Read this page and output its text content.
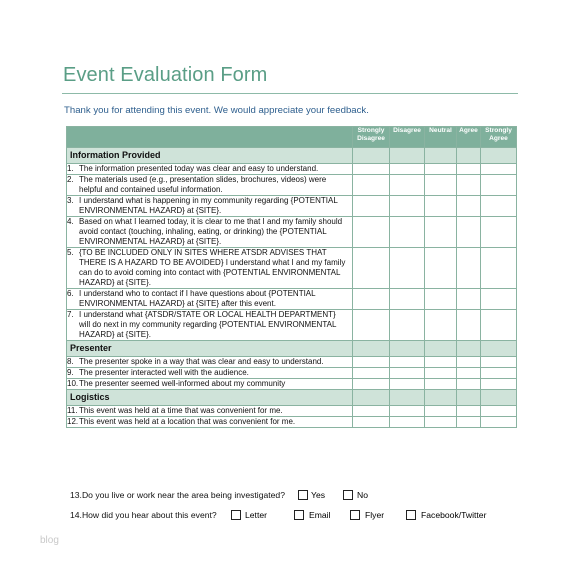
Event Evaluation Form
Thank you for attending this event. We would appreciate your feedback.
	Strongly Disagree	Disagree	Neutral	Agree	Strongly Agree
Information Provided					
1. The information presented today was clear and easy to understand.					
2. The materials used (e.g., presentation slides, brochures, videos) were helpful and contained useful information.					
3. I understand what is happening in my community regarding {POTENTIAL ENVIRONMENTAL HAZARD} at {SITE}.					
4. Based on what I learned today, it is clear to me that I and my family should avoid contact (touching, inhaling, eating, or drinking) the {POTENTIAL ENVIRONMENTAL HAZARD} at {SITE}.					
5. {TO BE INCLUDED ONLY IN SITES WHERE ATSDR ADVISES THAT THERE IS A HAZARD TO BE AVOIDED} I understand what I and my family can do to avoid coming into contact with {POTENTIAL ENVIRONMENTAL HAZARD} at {SITE}.					
6. I understand who to contact if I have questions about {POTENTIAL ENVIRONMENTAL HAZARD} at {SITE} after this event.					
7. I understand what {ATSDR/STATE OR LOCAL HEALTH DEPARTMENT} will do next in my community regarding {POTENTIAL ENVIRONMENTAL HAZARD} at {SITE}.					
Presenter					
8. The presenter spoke in a way that was clear and easy to understand.					
9. The presenter interacted well with the audience.					
10.The presenter seemed well-informed about my community					
Logistics					
11.This event was held at a time that was convenient for me.					
12.This event was held at a location that was convenient for me.					
13.Do you live or work near the area being investigated?	Yes	No
14.How did you hear about this event?	Letter	Email	Flyer	Facebook/Twitter
blog
